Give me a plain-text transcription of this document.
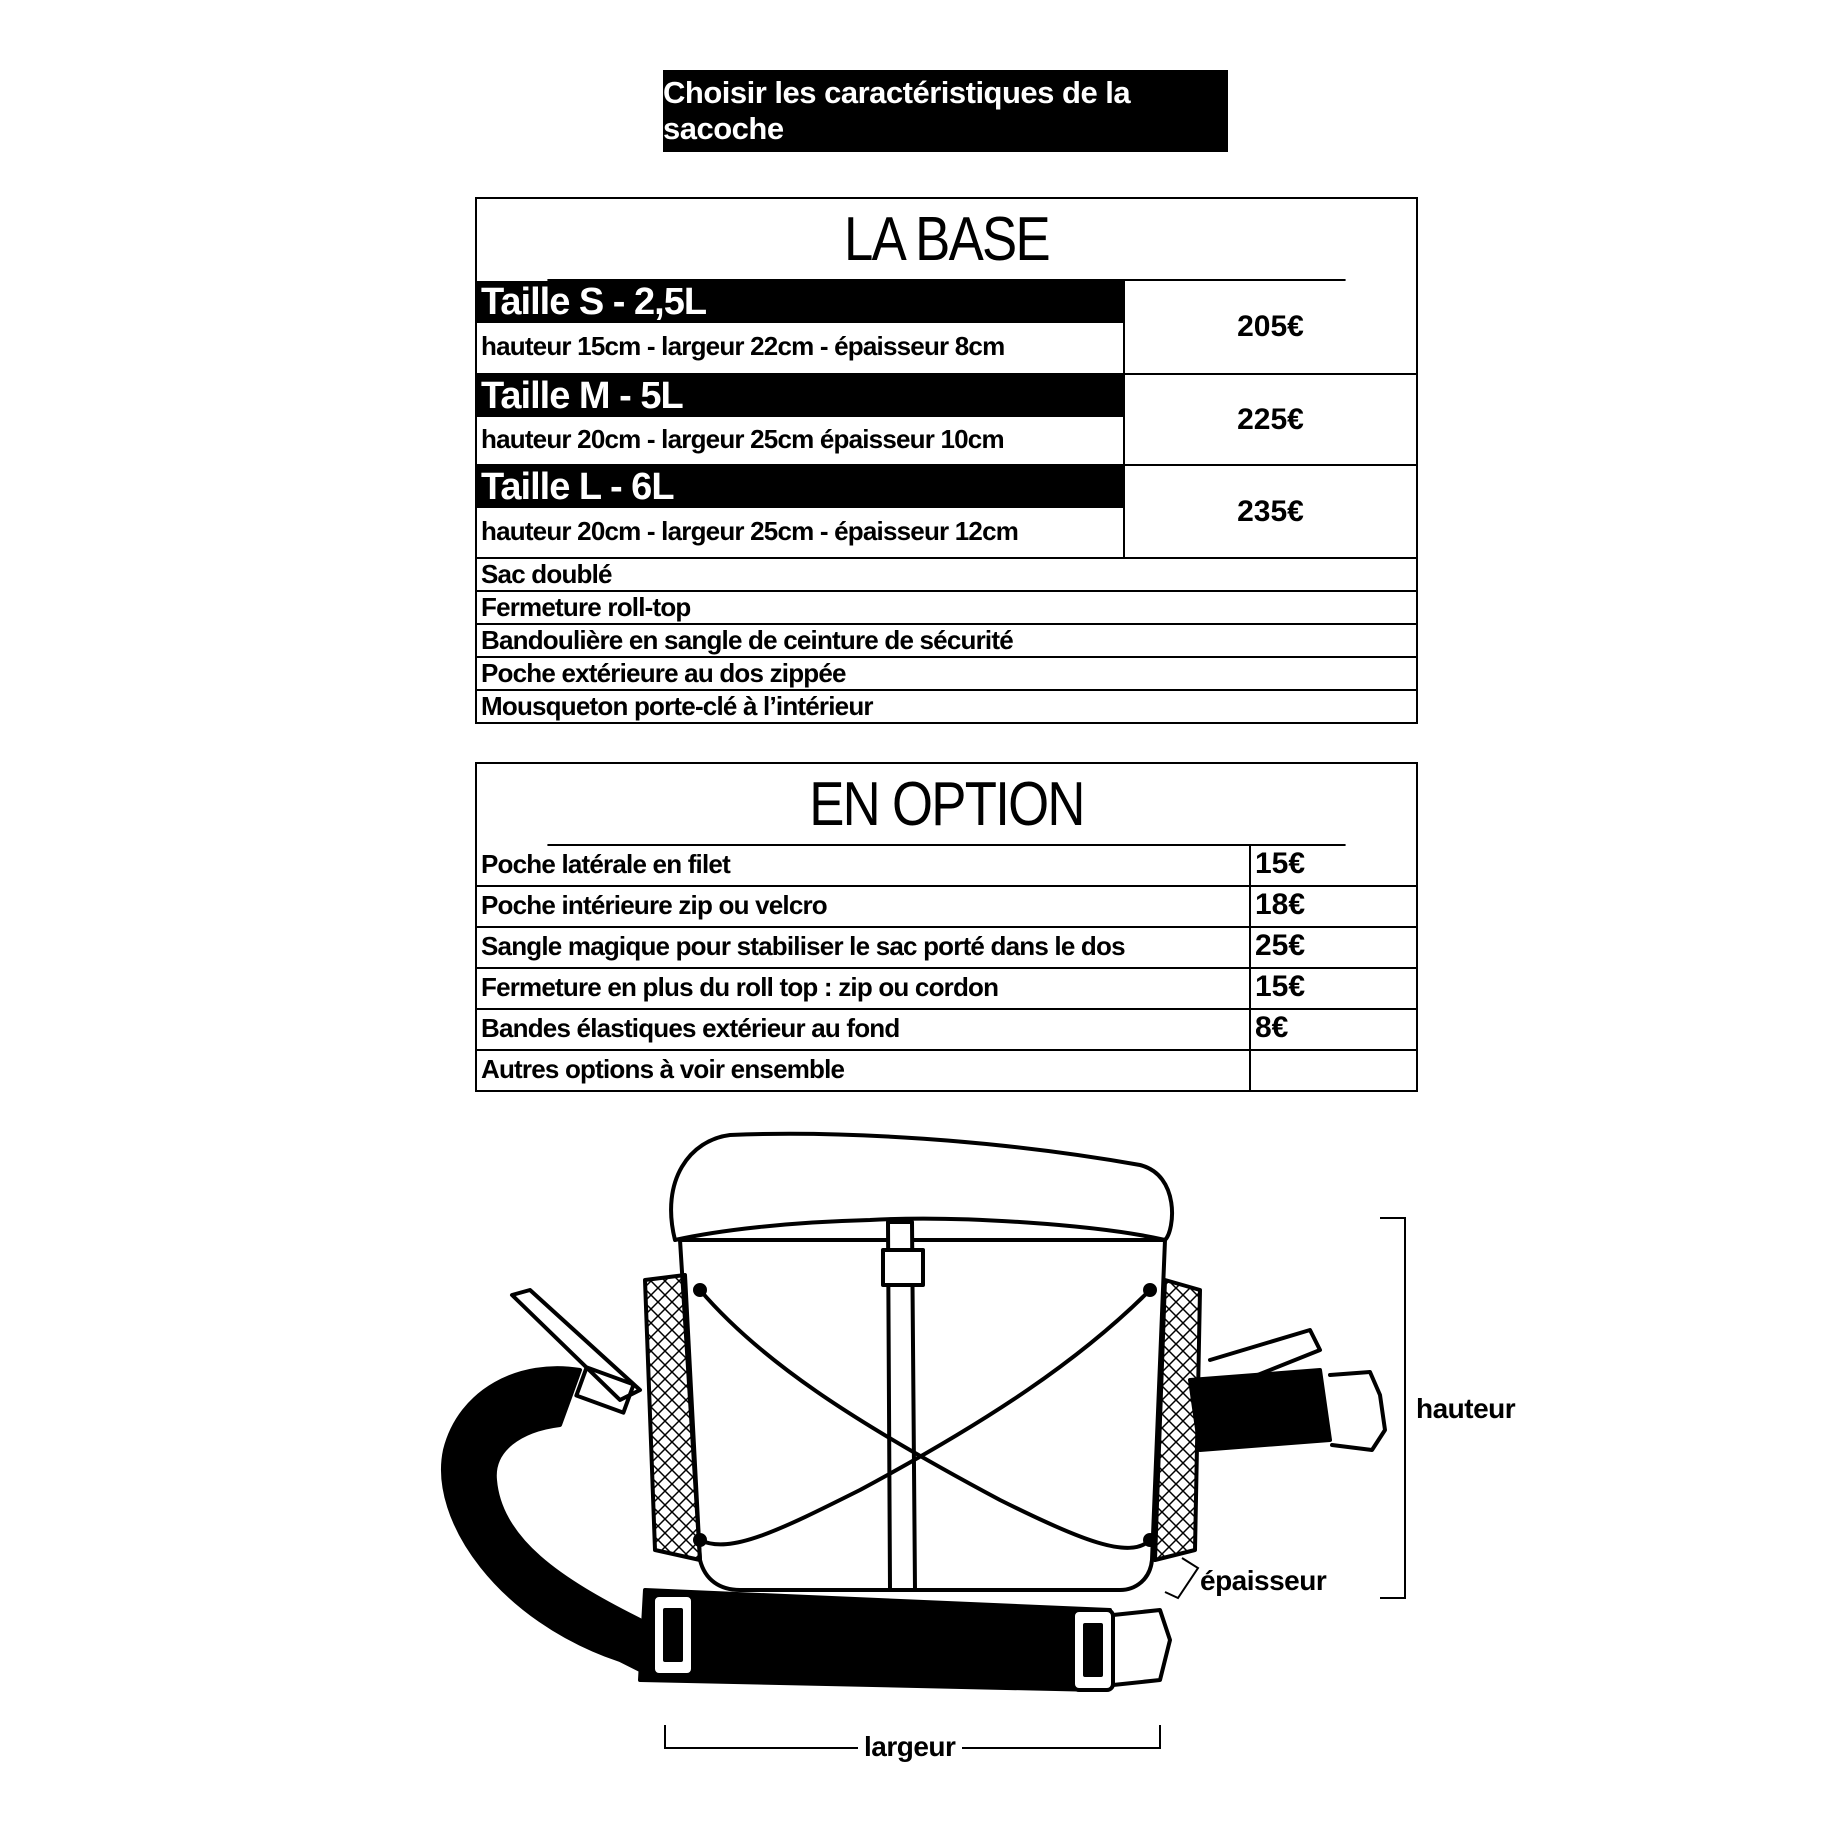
Choisir les caractéristiques de la sacoche
LA BASE
Taille S - 2,5L
hauteur 15cm - largeur 22cm - épaisseur 8cm
205€
Taille M - 5L
hauteur 20cm - largeur 25cm épaisseur 10cm
225€
Taille L - 6L
hauteur 20cm - largeur 25cm - épaisseur 12cm
235€
Sac doublé
Fermeture roll-top
Bandoulière en sangle de ceinture de sécurité
Poche extérieure au dos zippée
Mousqueton porte-clé à l’intérieur
EN OPTION
Poche latérale en filet	15€
Poche intérieure zip ou velcro	18€
Sangle magique pour stabiliser le sac porté dans le dos	25€
Fermeture en plus du roll top : zip ou cordon	15€
Bandes élastiques extérieur au fond	8€
Autres options à voir ensemble
hauteur
épaisseur
largeur
